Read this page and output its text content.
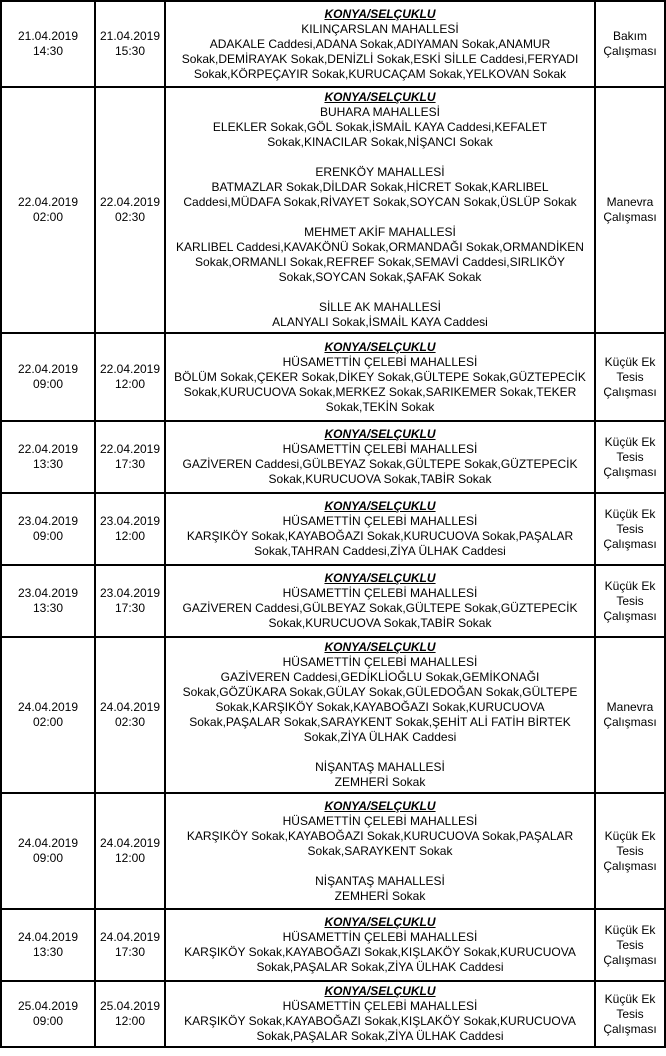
21.04.2019
14:30
21.04.2019
15:30
KONYA/SELÇUKLU
KILINÇARSLAN MAHALLESİ
ADAKALE Caddesi,ADANA Sokak,ADIYAMAN Sokak,ANAMUR Sokak,DEMİRAYAK Sokak,DENİZLİ Sokak,ESKİ SİLLE Caddesi,FERYADI Sokak,KÖRPEÇAYIR Sokak,KURUCAÇAM Sokak,YELKOVAN Sokak
Bakım Çalışması
22.04.2019
02:00
22.04.2019
02:30
KONYA/SELÇUKLU
BUHARA MAHALLESİ
ELEKLER Sokak,GÖL Sokak,İSMAİL KAYA Caddesi,KEFALET Sokak,KINACILAR Sokak,NİŞANCI Sokak
ERENKÖY MAHALLESİ
BATMAZLAR Sokak,DİLDAR Sokak,HİCRET Sokak,KARLIBEL Caddesi,MÜDAFA Sokak,RİVAYET Sokak,SOYCAN Sokak,ÜSLÜP Sokak
MEHMET AKİF MAHALLESİ
KARLIBEL Caddesi,KAVAKÖNÜ Sokak,ORMANDAĞI Sokak,ORMANDİKEN Sokak,ORMANLI Sokak,REFREF Sokak,SEMAVİ Caddesi,SIRLIKÖY Sokak,SOYCAN Sokak,ŞAFAK Sokak
SİLLE AK MAHALLESİ
ALANYALI Sokak,İSMAİL KAYA Caddesi
Manevra Çalışması
22.04.2019
09:00
22.04.2019
12:00
KONYA/SELÇUKLU
HÜSAMETTİN ÇELEBİ MAHALLESİ
BÖLÜM Sokak,ÇEKER Sokak,DİKEY Sokak,GÜLTEPE Sokak,GÜZTEPECİK Sokak,KURUCUOVA Sokak,MERKEZ Sokak,SARIKEMER Sokak,TEKER Sokak,TEKİN Sokak
Küçük Ek Tesis Çalışması
22.04.2019
13:30
22.04.2019
17:30
KONYA/SELÇUKLU
HÜSAMETTİN ÇELEBİ MAHALLESİ
GAZİVEREN Caddesi,GÜLBEYAZ Sokak,GÜLTEPE Sokak,GÜZTEPECİK Sokak,KURUCUOVA Sokak,TABİR Sokak
Küçük Ek Tesis Çalışması
23.04.2019
09:00
23.04.2019
12:00
KONYA/SELÇUKLU
HÜSAMETTİN ÇELEBİ MAHALLESİ
KARŞIKÖY Sokak,KAYABOĞAZI Sokak,KURUCUOVA Sokak,PAŞALAR Sokak,TAHRAN Caddesi,ZİYA ÜLHAK Caddesi
Küçük Ek Tesis Çalışması
23.04.2019
13:30
23.04.2019
17:30
KONYA/SELÇUKLU
HÜSAMETTİN ÇELEBİ MAHALLESİ
GAZİVEREN Caddesi,GÜLBEYAZ Sokak,GÜLTEPE Sokak,GÜZTEPECİK Sokak,KURUCUOVA Sokak,TABİR Sokak
Küçük Ek Tesis Çalışması
24.04.2019
02:00
24.04.2019
02:30
KONYA/SELÇUKLU
HÜSAMETTİN ÇELEBİ MAHALLESİ
GAZİVEREN Caddesi,GEDİKLİOĞLU Sokak,GEMİKONAĞI Sokak,GÖZÜKARA Sokak,GÜLAY Sokak,GÜLEDOĞAN Sokak,GÜLTEPE Sokak,KARŞIKÖY Sokak,KAYABOĞAZI Sokak,KURUCUOVA Sokak,PAŞALAR Sokak,SARAYKENT Sokak,ŞEHİT ALİ FATİH BİRTEK Sokak,ZİYA ÜLHAK Caddesi
NİŞANTAŞ MAHALLESİ
ZEMHERİ Sokak
Manevra Çalışması
24.04.2019
09:00
24.04.2019
12:00
KONYA/SELÇUKLU
HÜSAMETTİN ÇELEBİ MAHALLESİ
KARŞIKÖY Sokak,KAYABOĞAZI Sokak,KURUCUOVA Sokak,PAŞALAR Sokak,SARAYKENT Sokak
NİŞANTAŞ MAHALLESİ
ZEMHERİ Sokak
Küçük Ek Tesis Çalışması
24.04.2019
13:30
24.04.2019
17:30
KONYA/SELÇUKLU
HÜSAMETTİN ÇELEBİ MAHALLESİ
KARŞIKÖY Sokak,KAYABOĞAZI Sokak,KIŞLAKÖY Sokak,KURUCUOVA Sokak,PAŞALAR Sokak,ZİYA ÜLHAK Caddesi
Küçük Ek Tesis Çalışması
25.04.2019
09:00
25.04.2019
12:00
KONYA/SELÇUKLU
HÜSAMETTİN ÇELEBİ MAHALLESİ
KARŞIKÖY Sokak,KAYABOĞAZI Sokak,KIŞLAKÖY Sokak,KURUCUOVA Sokak,PAŞALAR Sokak,ZİYA ÜLHAK Caddesi
Küçük Ek Tesis Çalışması
